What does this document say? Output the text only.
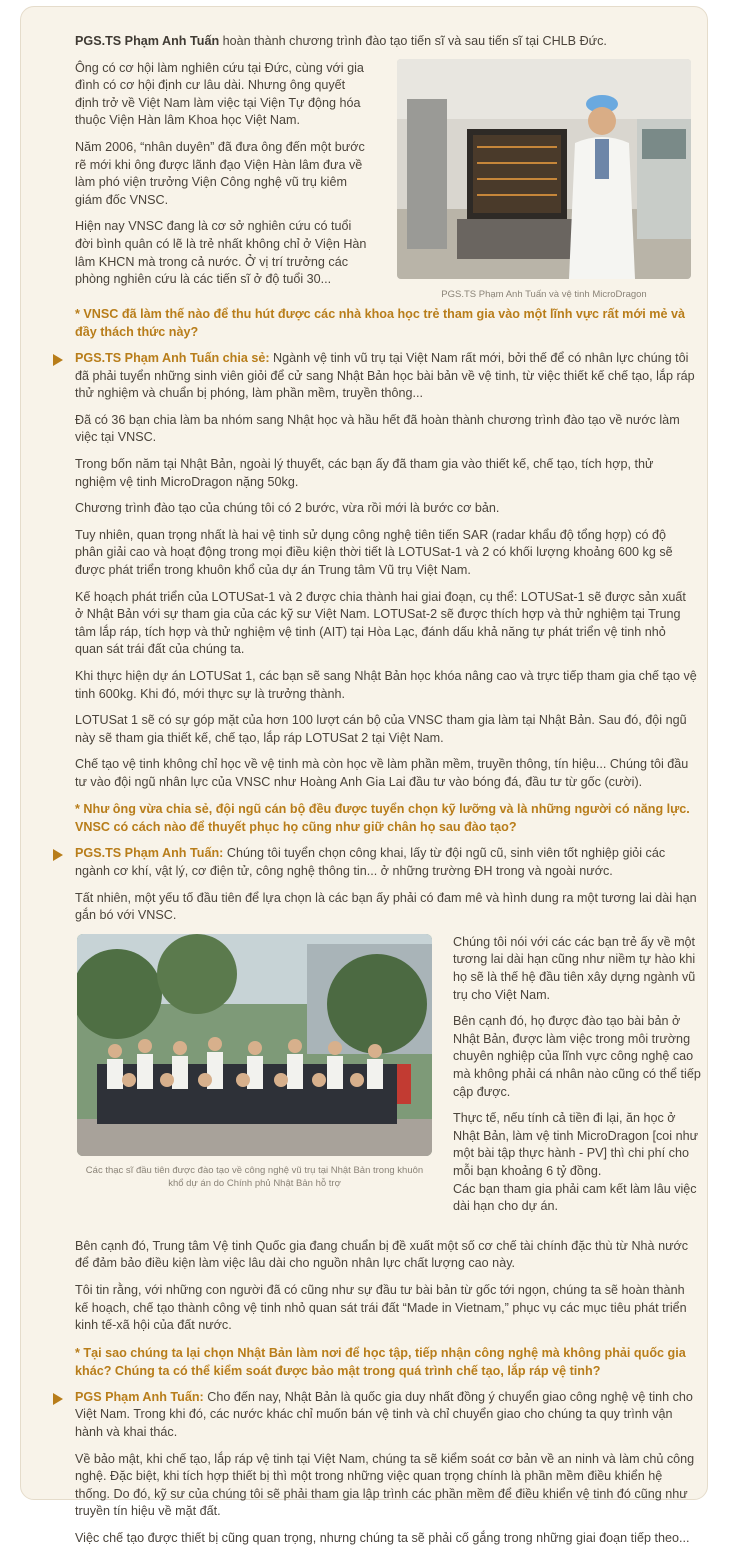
PGS.TS Phạm Anh Tuấn hoàn thành chương trình đào tạo tiến sĩ và sau tiến sĩ tại CHLB Đức.

Ông có cơ hội làm nghiên cứu tại Đức, cùng với gia đình có cơ hội định cư lâu dài. Nhưng ông quyết định trở về Việt Nam làm việc tại Viện Tự động hóa thuộc Viện Hàn lâm Khoa học Việt Nam.

Năm 2006, “nhân duyên” đã đưa ông đến một bước rẽ mới khi ông được lãnh đạo Viện Hàn lâm đưa về làm phó viện trưởng Viện Công nghệ vũ trụ kiêm giám đốc VNSC.

Hiện nay VNSC đang là cơ sở nghiên cứu có tuổi đời bình quân có lẽ là trẻ nhất không chỉ ở Viện Hàn lâm KHCN mà trong cả nước. Ở vị trí trưởng các phòng nghiên cứu là các tiến sĩ ở độ tuổi 30...

PGS.TS Phạm Anh Tuấn và vệ tinh MicroDragon

* VNSC đã làm thế nào để thu hút được các nhà khoa học trẻ tham gia vào một lĩnh vực rất mới mẻ và đầy thách thức này?

PGS.TS Phạm Anh Tuấn chia sẻ: Ngành vệ tinh vũ trụ tại Việt Nam rất mới, bởi thế để có nhân lực chúng tôi đã phải tuyển những sinh viên giỏi để cử sang Nhật Bản học bài bản về vệ tinh, từ việc thiết kế chế tạo, lắp ráp thử nghiệm và chuẩn bị phóng, làm phần mềm, truyền thông...

Đã có 36 bạn chia làm ba nhóm sang Nhật học và hầu hết đã hoàn thành chương trình đào tạo về nước làm việc tại VNSC.

Trong bốn năm tại Nhật Bản, ngoài lý thuyết, các bạn ấy đã tham gia vào thiết kế, chế tạo, tích hợp, thử nghiệm vệ tinh MicroDragon nặng 50kg.

Chương trình đào tạo của chúng tôi có 2 bước, vừa rồi mới là bước cơ bản.

Tuy nhiên, quan trọng nhất là hai vệ tinh sử dụng công nghệ tiên tiến SAR (radar khẩu độ tổng hợp) có độ phân giải cao và hoạt động trong mọi điều kiện thời tiết là LOTUSat-1 và 2 có khối lượng khoảng 600 kg sẽ được phát triển trong khuôn khổ của dự án Trung tâm Vũ trụ Việt Nam.

Kế hoạch phát triển của LOTUSat-1 và 2 được chia thành hai giai đoạn, cụ thể: LOTUSat-1 sẽ được sản xuất ở Nhật Bản với sự tham gia của các kỹ sư Việt Nam. LOTUSat-2 sẽ được thích hợp và thử nghiệm tại Trung tâm lắp ráp, tích hợp và thử nghiệm vệ tinh (AIT) tại Hòa Lạc, đánh dấu khả năng tự phát triển vệ tinh nhỏ quan sát trái đất của chúng ta.

Khi thực hiện dự án LOTUSat 1, các bạn sẽ sang Nhật Bản học khóa nâng cao và trực tiếp tham gia chế tạo vệ tinh 600kg. Khi đó, mới thực sự là trưởng thành.

LOTUSat 1 sẽ có sự góp mặt của hơn 100 lượt cán bộ của VNSC tham gia làm tại Nhật Bản. Sau đó, đội ngũ này sẽ tham gia thiết kế, chế tạo, lắp ráp LOTUSat 2 tại Việt Nam.

Chế tạo vệ tinh không chỉ học về vệ tinh mà còn học về làm phần mềm, truyền thông, tín hiệu... Chúng tôi đầu tư vào đội ngũ nhân lực của VNSC như Hoàng Anh Gia Lai đầu tư vào bóng đá, đầu tư từ gốc (cười).

* Như ông vừa chia sẻ, đội ngũ cán bộ đều được tuyển chọn kỹ lưỡng và là những người có năng lực. VNSC có cách nào để thuyết phục họ cũng như giữ chân họ sau đào tạo?

PGS.TS Phạm Anh Tuấn: Chúng tôi tuyển chọn công khai, lấy từ đội ngũ cũ, sinh viên tốt nghiệp giỏi các ngành cơ khí, vật lý, cơ điện tử, công nghệ thông tin... ở những trường ĐH trong và ngoài nước.

Tất nhiên, một yếu tố đầu tiên để lựa chọn là các bạn ấy phải có đam mê và hình dung ra một tương lai dài hạn gắn bó với VNSC.

Các thạc sĩ đầu tiên được đào tạo về công nghệ vũ trụ tại Nhật Bản trong khuôn khổ dự án do Chính phủ Nhật Bản hỗ trợ

Chúng tôi nói với các các bạn trẻ ấy về một tương lai dài hạn cũng như niềm tự hào khi họ sẽ là thế hệ đầu tiên xây dựng ngành vũ trụ cho Việt Nam.

Bên cạnh đó, họ được đào tạo bài bản ở Nhật Bản, được làm việc trong môi trường chuyên nghiệp của lĩnh vực công nghệ cao mà không phải cá nhân nào cũng có thể tiếp cập được.

Thực tế, nếu tính cả tiền đi lại, ăn học ở Nhật Bản, làm vệ tinh MicroDragon [coi như một bài tập thực hành - PV] thì chi phí cho mỗi bạn khoảng 6 tỷ đồng.

Các bạn tham gia phải cam kết làm lâu việc dài hạn cho dự án.

Bên cạnh đó, Trung tâm Vệ tinh Quốc gia đang chuẩn bị đề xuất một số cơ chế tài chính đặc thù từ Nhà nước để đảm bảo điều kiện làm việc lâu dài cho nguồn nhân lực chất lượng cao này.

Tôi tin rằng, với những con người đã có cũng như sự đầu tư bài bản từ gốc tới ngọn, chúng ta sẽ hoàn thành kế hoạch, chế tạo thành công vệ tinh nhỏ quan sát trái đất “Made in Vietnam,” phục vụ các mục tiêu phát triển kinh tế-xã hội của đất nước.

* Tại sao chúng ta lại chọn Nhật Bản làm nơi để học tập, tiếp nhận công nghệ mà không phải quốc gia khác? Chúng ta có thể kiểm soát được bảo mật trong quá trình chế tạo, lắp ráp vệ tinh?

PGS Phạm Anh Tuấn: Cho đến nay, Nhật Bản là quốc gia duy nhất đồng ý chuyển giao công nghệ vệ tinh cho Việt Nam. Trong khi đó, các nước khác chỉ muốn bán vệ tinh và chỉ chuyển giao cho chúng ta quy trình vận hành và khai thác.

Về bảo mật, khi chế tạo, lắp ráp vệ tinh tại Việt Nam, chúng ta sẽ kiểm soát cơ bản về an ninh và làm chủ công nghệ. Đặc biệt, khi tích hợp thiết bị thì một trong những việc quan trọng chính là phần mềm điều khiển hệ thống. Do đó, kỹ sư của chúng tôi sẽ phải tham gia lập trình các phần mềm để điều khiển vệ tinh đó cũng như truyền tín hiệu về mặt đất.

Việc chế tạo được thiết bị cũng quan trọng, nhưng chúng ta sẽ phải cố gắng trong những giai đoạn tiếp theo...
